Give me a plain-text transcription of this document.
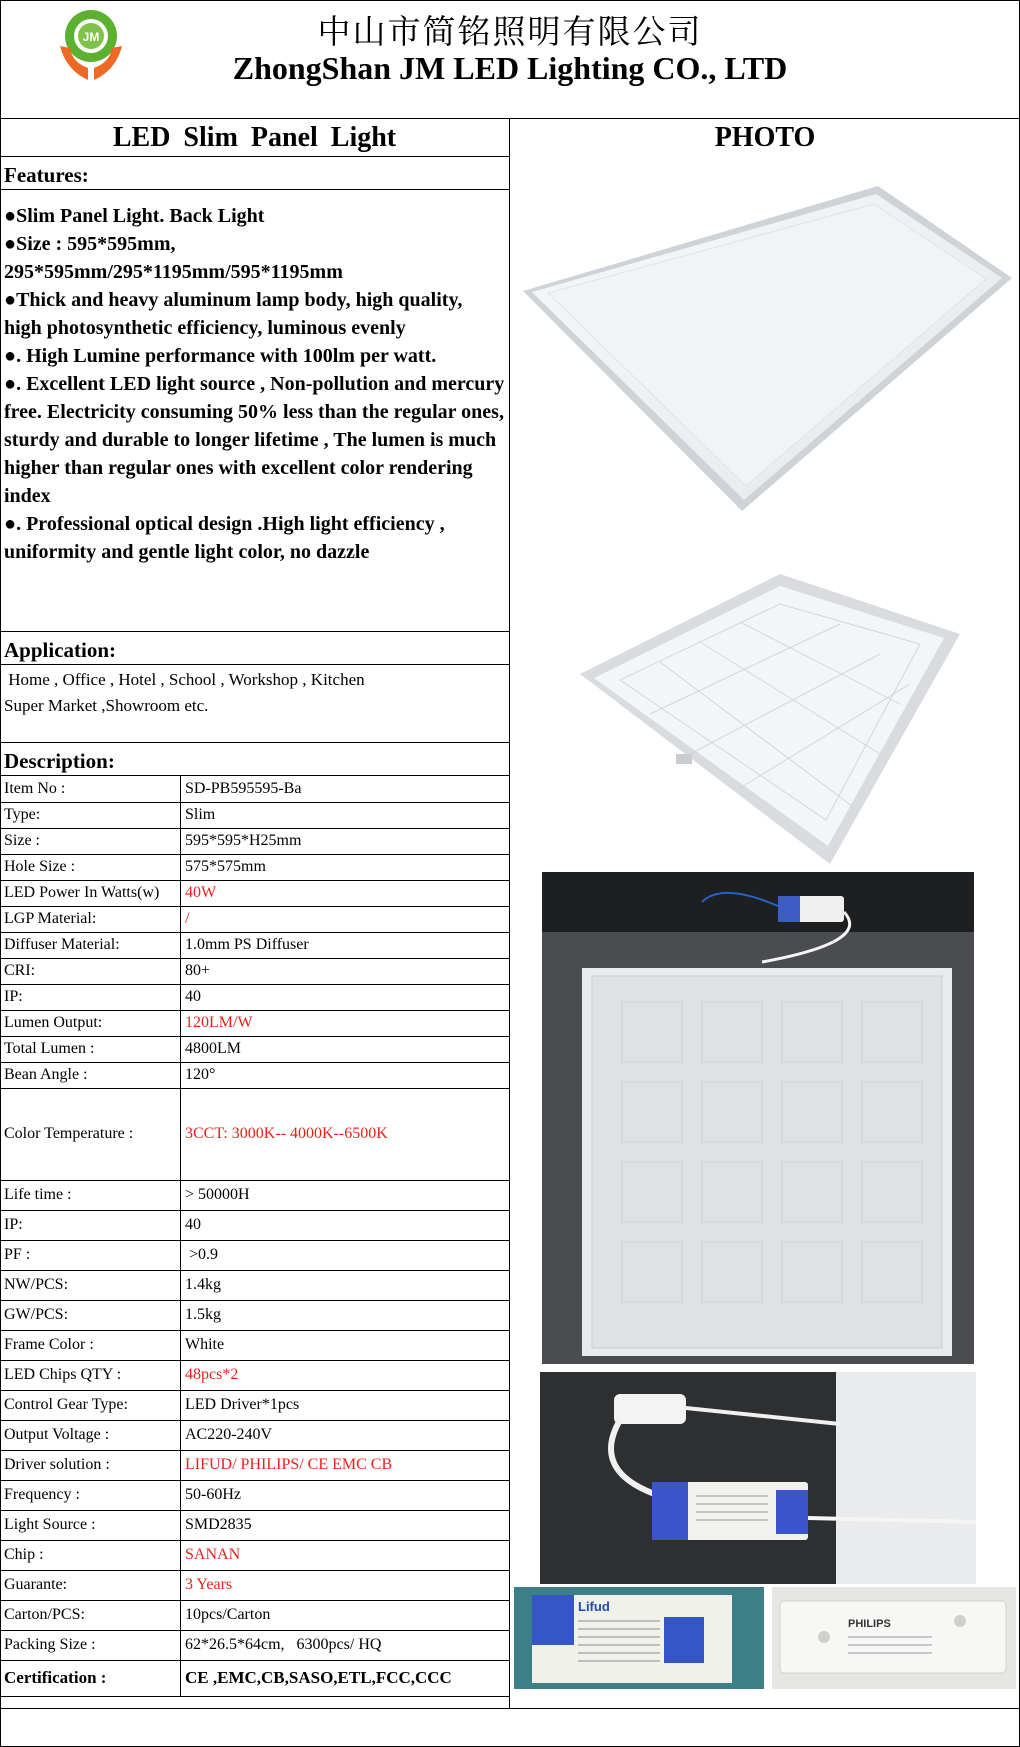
JM	中山市简铭照明有限公司
ZhongShan JM LED Lighting CO., LTD
LED Slim Panel Light
Features:
●Slim Panel Light. Back Light
●Size : 595*595mm, 295*595mm/295*1195mm/595*1195mm
●Thick and heavy aluminum lamp body, high quality, high photosynthetic efficiency, luminous evenly
●. High Lumine performance with 100lm per watt.
●. Excellent LED light source , Non-pollution and mercury free. Electricity consuming 50% less than the regular ones, sturdy and durable to longer lifetime , The lumen is much higher than regular ones with excellent color rendering index
●. Professional optical design .High light efficiency , uniformity and gentle light color, no dazzle
Application:
Home , Office , Hotel , School , Workshop , Kitchen
Super Market ,Showroom etc.
Description:
Item No :	SD-PB595595-Ba
Type:	Slim
Size :	595*595*H25mm
Hole Size :	575*575mm
LED Power In Watts(w)	40W
LGP Material:	/
Diffuser Material:	1.0mm PS Diffuser
CRI:	80+
IP:	40
Lumen Output:	120LM/W
Total Lumen :	4800LM
Bean Angle :	120°
Color Temperature :	3CCT: 3000K-- 4000K--6500K
Life time :	> 50000H
IP:	40
PF :	>0.9
NW/PCS:	1.4kg
GW/PCS:	1.5kg
Frame Color :	White
LED Chips QTY :	48pcs*2
Control Gear Type:	LED Driver*1pcs
Output Voltage :	AC220-240V
Driver solution :	LIFUD/ PHILIPS/ CE EMC CB
Frequency :	50-60Hz
Light Source :	SMD2835
Chip :	SANAN
Guarante:	3 Years
Carton/PCS:	10pcs/Carton
Packing Size :	62*26.5*64cm,   6300pcs/ HQ
Certification :	CE ,EMC,CB,SASO,ETL,FCC,CCC
PHOTO
Lifud
PHILIPS
